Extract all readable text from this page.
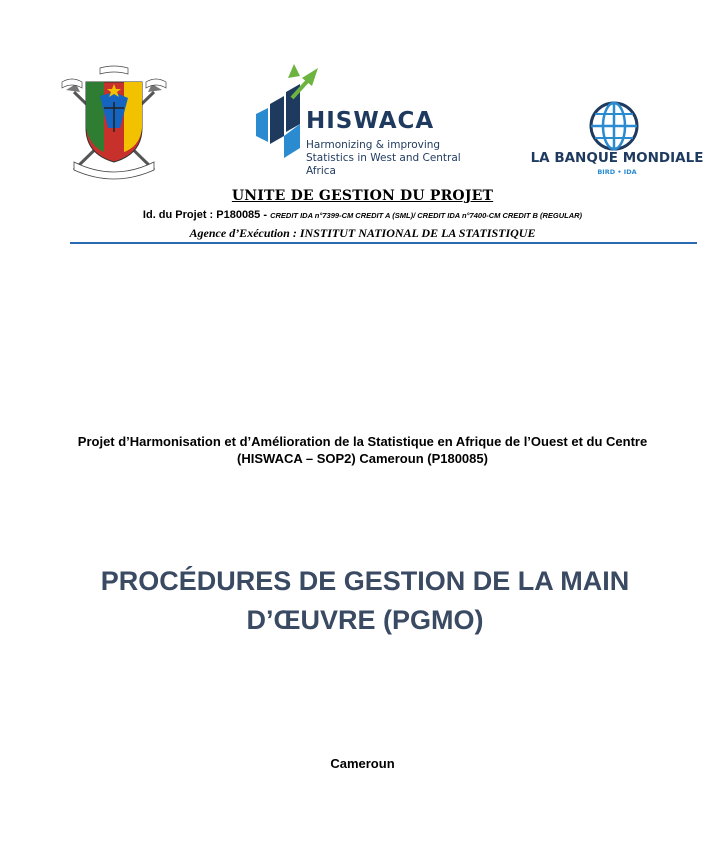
HISWACA
Harmonizing & improving Statistics in West and Central Africa
LA BANQUE MONDIALE
BIRD • IDA
UNITE DE GESTION DU PROJET
Id. du Projet : P180085 - CREDIT IDA n°7399-CM CREDIT A (SML)/ CREDIT IDA n°7400-CM CREDIT B (REGULAR)
Agence d’Exécution : INSTITUT NATIONAL DE LA STATISTIQUE
Projet d’Harmonisation et d’Amélioration de la Statistique en Afrique de l’Ouest et du Centre (HISWACA – SOP2) Cameroun (P180085)
PROCÉDURES DE GESTION DE LA MAIN D’ŒUVRE (PGMO)
Cameroun
